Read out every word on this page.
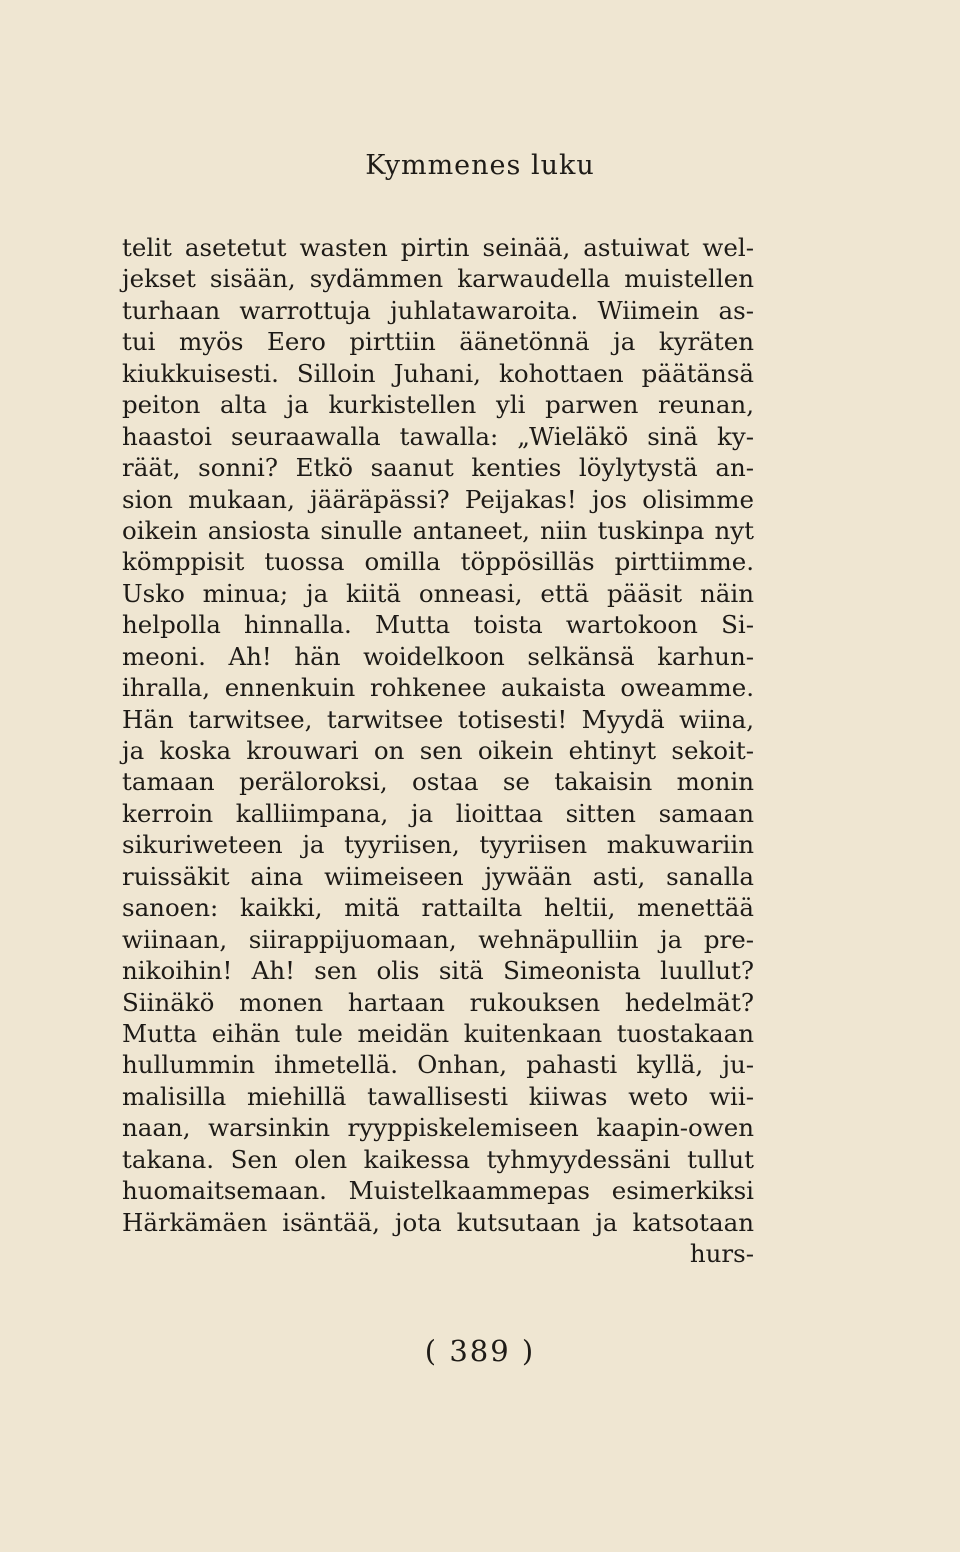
Kymmenes luku
telit asetetut wasten pirtin seinää, astuiwat wel-
jekset sisään, sydämmen karwaudella muistellen
turhaan warrottuja juhlatawaroita. Wiimein as-
tui myös Eero pirttiin äänetönnä ja kyräten
kiukkuisesti. Silloin Juhani, kohottaen päätänsä
peiton alta ja kurkistellen yli parwen reunan,
haastoi seuraawalla tawalla: „Wieläkö sinä ky-
räät, sonni? Etkö saanut kenties löylytystä an-
sion mukaan, jääräpässi? Peijakas! jos olisimme
oikein ansiosta sinulle antaneet, niin tuskinpa nyt
kömppisit tuossa omilla töppösilläs pirttiimme.
Usko minua; ja kiitä onneasi, että pääsit näin
helpolla hinnalla. Mutta toista wartokoon Si-
meoni. Ah! hän woidelkoon selkänsä karhun-
ihralla, ennenkuin rohkenee aukaista oweamme.
Hän tarwitsee, tarwitsee totisesti! Myydä wiina,
ja koska krouwari on sen oikein ehtinyt sekoit-
tamaan peräloroksi, ostaa se takaisin monin
kerroin kalliimpana, ja lioittaa sitten samaan
sikuriweteen ja tyyriisen, tyyriisen makuwariin
ruissäkit aina wiimeiseen jywään asti, sanalla
sanoen: kaikki, mitä rattailta heltii, menettää
wiinaan, siirappijuomaan, wehnäpulliin ja pre-
nikoihin! Ah! sen olis sitä Simeonista luullut?
Siinäkö monen hartaan rukouksen hedelmät?
Mutta eihän tule meidän kuitenkaan tuostakaan
hullummin ihmetellä. Onhan, pahasti kyllä, ju-
malisilla miehillä tawallisesti kiiwas weto wii-
naan, warsinkin ryyppiskelemiseen kaapin-owen
takana. Sen olen kaikessa tyhmyydessäni tullut
huomaitsemaan. Muistelkaammepas esimerkiksi
Härkämäen isäntää, jota kutsutaan ja katsotaan
hurs-
( 389 )
